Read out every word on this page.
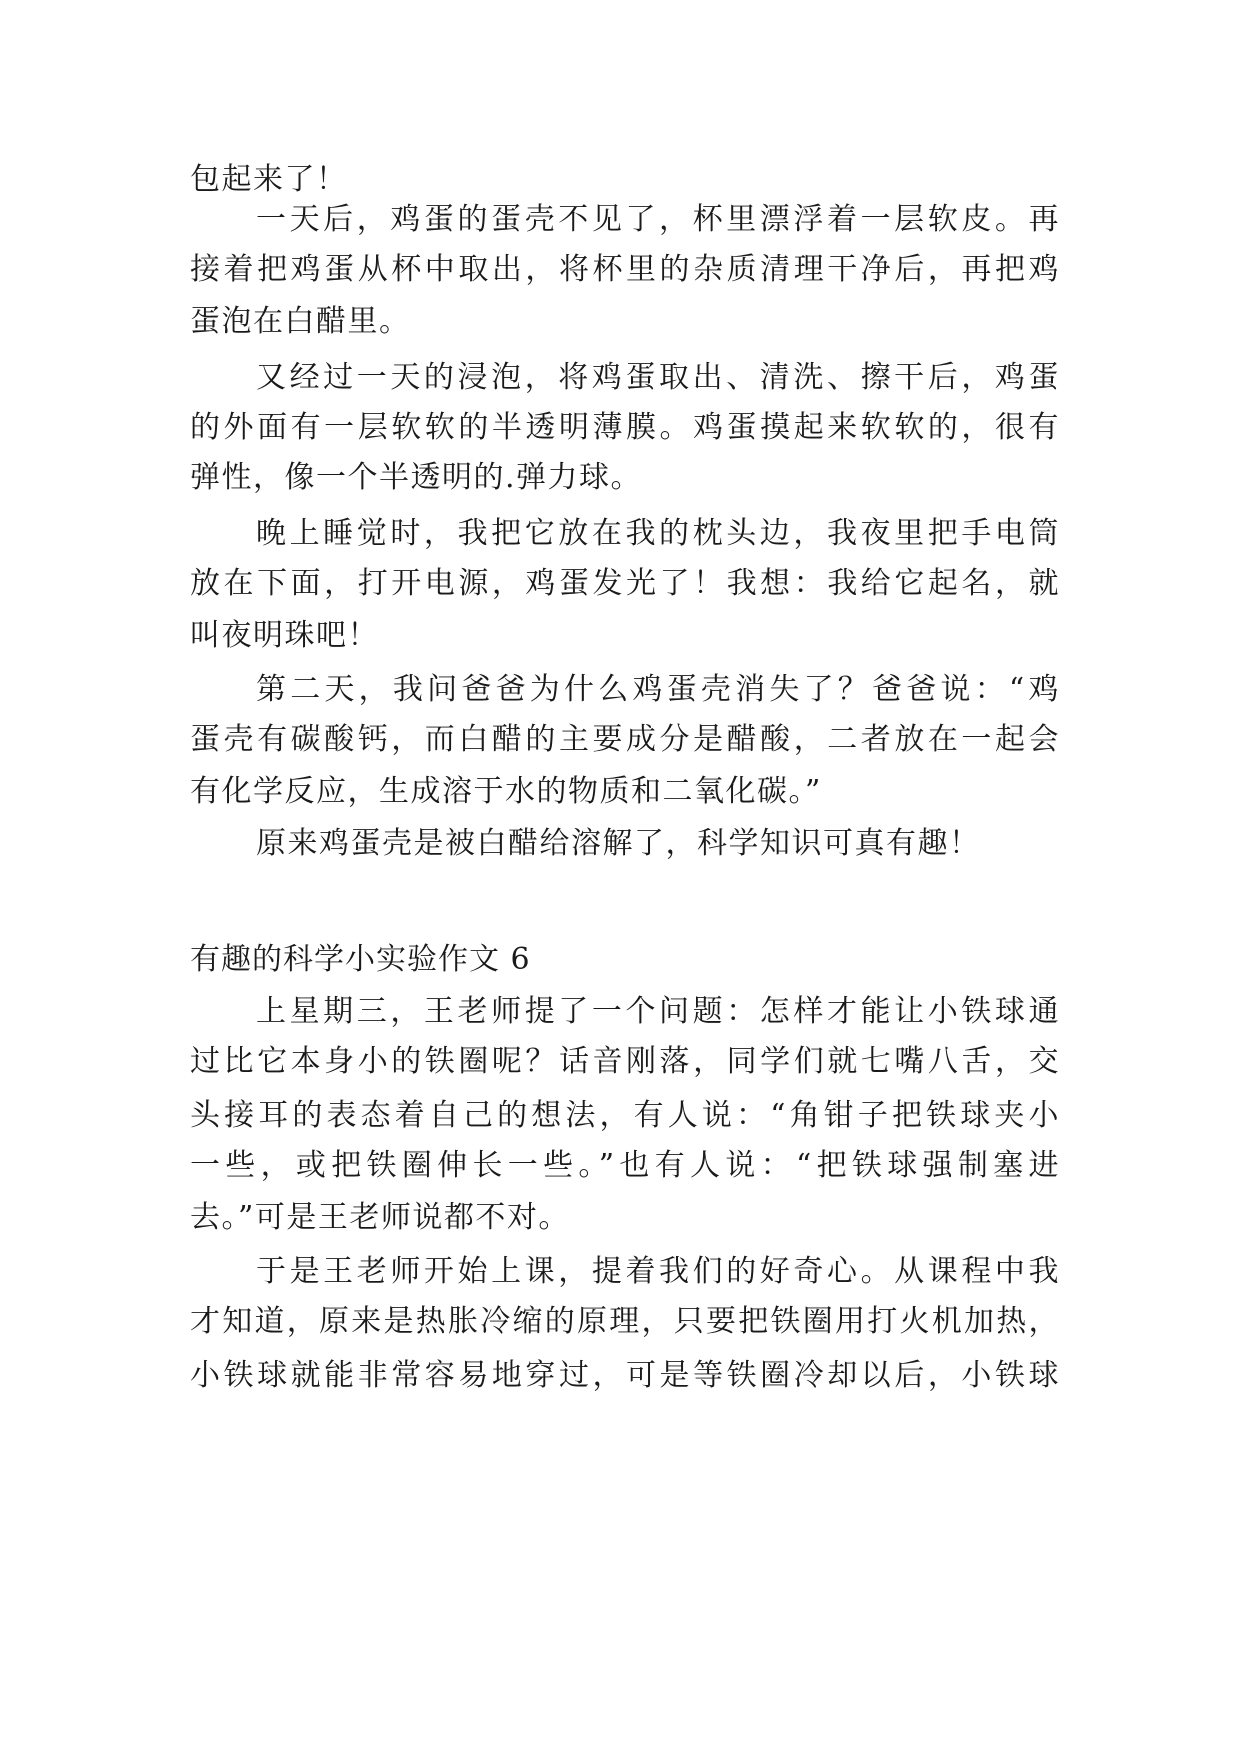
包起来了！
一天后，鸡蛋的蛋壳不见了，杯里漂浮着一层软皮。再
接着把鸡蛋从杯中取出，将杯里的杂质清理干净后，再把鸡
蛋泡在白醋里。
又经过一天的浸泡，将鸡蛋取出、清洗、擦干后，鸡蛋
的外面有一层软软的半透明薄膜。鸡蛋摸起来软软的，很有
弹性，像一个半透明的.弹力球。
晚上睡觉时，我把它放在我的枕头边，我夜里把手电筒
放在下面，打开电源，鸡蛋发光了！我想：我给它起名，就
叫夜明珠吧！
第二天，我问爸爸为什么鸡蛋壳消失了？爸爸说：“鸡
蛋壳有碳酸钙，而白醋的主要成分是醋酸，二者放在一起会
有化学反应，生成溶于水的物质和二氧化碳。”
原来鸡蛋壳是被白醋给溶解了，科学知识可真有趣！
有趣的科学小实验作文 6
上星期三，王老师提了一个问题：怎样才能让小铁球通
过比它本身小的铁圈呢？话音刚落，同学们就七嘴八舌，交
头接耳的表态着自己的想法，有人说：“角钳子把铁球夹小
一些，或把铁圈伸长一些。”也有人说：“把铁球强制塞进
去。”可是王老师说都不对。
于是王老师开始上课，提着我们的好奇心。从课程中我
才知道，原来是热胀冷缩的原理，只要把铁圈用打火机加热，
小铁球就能非常容易地穿过，可是等铁圈冷却以后，小铁球
